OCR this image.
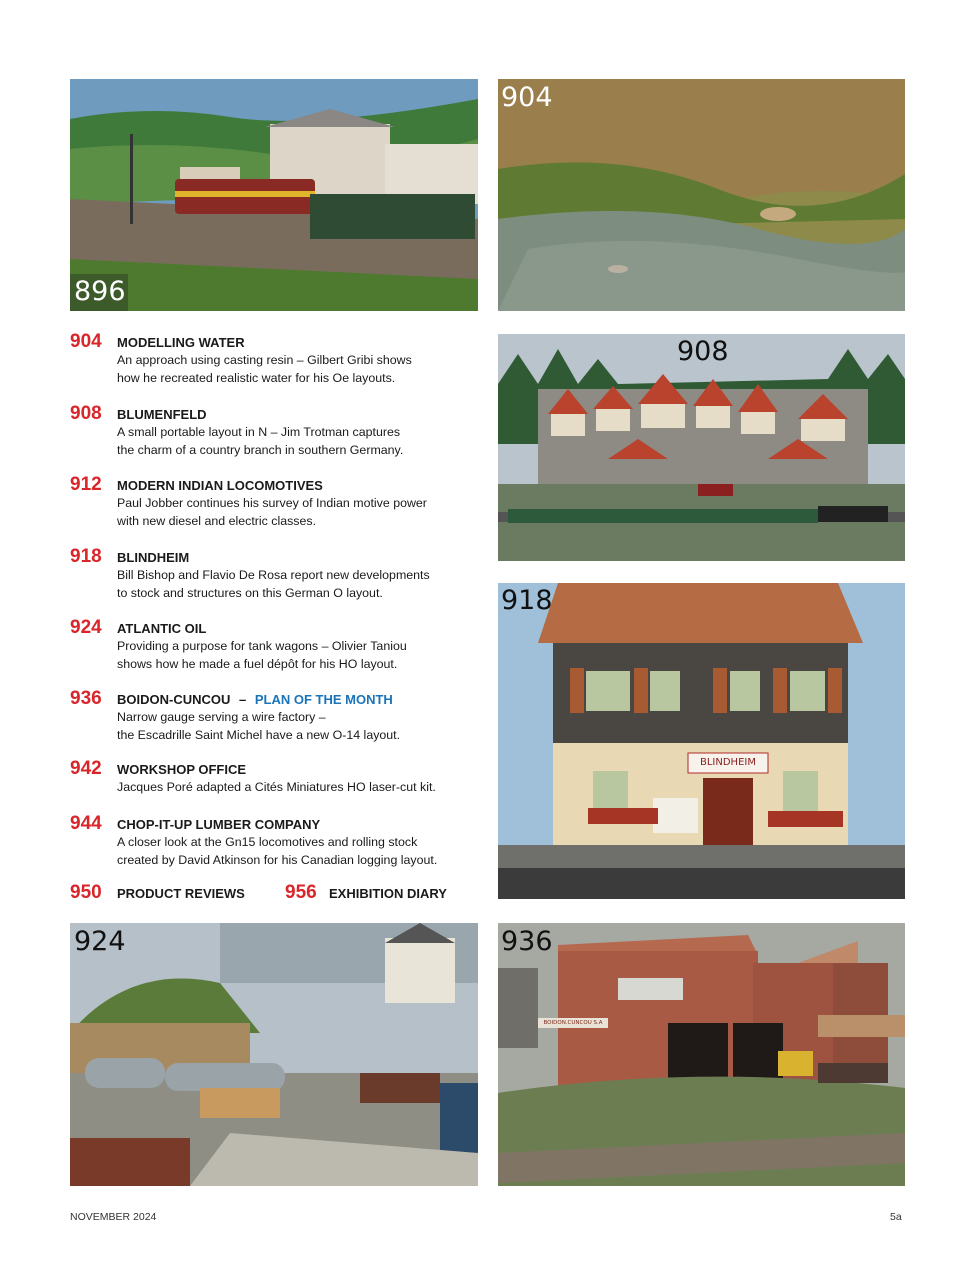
896
904
908
918
BLINDHEIM
924	936
BOIDON.CUNCOU S.A
904 MODELLING WATER
An approach using casting resin – Gilbert Gribi shows
how he recreated realistic water for his Oe layouts.
908 BLUMENFELD
A small portable layout in N – Jim Trotman captures
the charm of a country branch in southern Germany.
912 MODERN INDIAN LOCOMOTIVES
Paul Jobber continues his survey of Indian motive power
with new diesel and electric classes.
918 BLINDHEIM
Bill Bishop and Flavio De Rosa report new developments
to stock and structures on this German O layout.
924 ATLANTIC OIL
Providing a purpose for tank wagons – Olivier Taniou
shows how he made a fuel dépôt for his HO layout.
936 BOIDON-CUNCOU – PLAN OF THE MONTH
Narrow gauge serving a wire factory –
the Escadrille Saint Michel have a new O-14 layout.
942 WORKSHOP OFFICE
Jacques Poré adapted a Cités Miniatures HO laser-cut kit.
944 CHOP-IT-UP LUMBER COMPANY
A closer look at the Gn15 locomotives and rolling stock
created by David Atkinson for his Canadian logging layout.
950 PRODUCT REVIEWS 956 EXHIBITION DIARY
NOVEMBER 2024	5a
